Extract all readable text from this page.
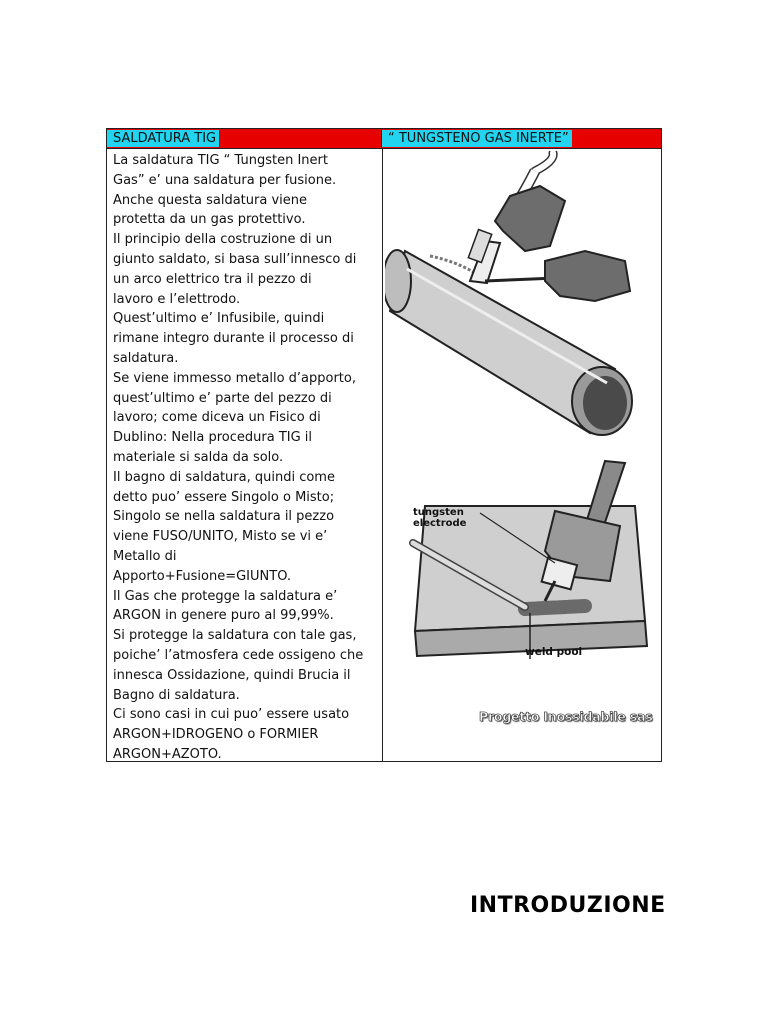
SALDATURA TIG	“ TUNGSTENO GAS INERTE”

La saldatura TIG “ Tungsten Inert

Gas” e’ una saldatura per fusione.

Anche questa saldatura viene

protetta da un gas protettivo.

Il principio della costruzione di un

giunto saldato, si basa sull’innesco di

un arco elettrico tra il pezzo di

lavoro e l’elettrodo.

Quest’ultimo e’ Infusibile, quindi

rimane integro durante il processo di

saldatura.

Se viene immesso metallo d’apporto,

quest’ultimo e’ parte del pezzo di

lavoro; come diceva un Fisico di

Dublino: Nella procedura TIG il

materiale si salda da solo.

Il bagno di saldatura, quindi come

detto puo’ essere Singolo o Misto;

Singolo se nella saldatura il pezzo

viene FUSO/UNITO, Misto se vi e’

Metallo di

Apporto+Fusione=GIUNTO.

Il Gas che protegge la saldatura e’

ARGON in genere puro al 99,99%.

Si protegge la saldatura con tale gas,

poiche’ l’atmosfera cede ossigeno che

innesca Ossidazione, quindi Brucia il

Bagno di saldatura.

Ci sono casi in cui puo’ essere usato

ARGON+IDROGENO o FORMIER

ARGON+AZOTO.

tungsten
electrode
weld pool
Progetto Inossidabile sas
INTRODUZIONE
